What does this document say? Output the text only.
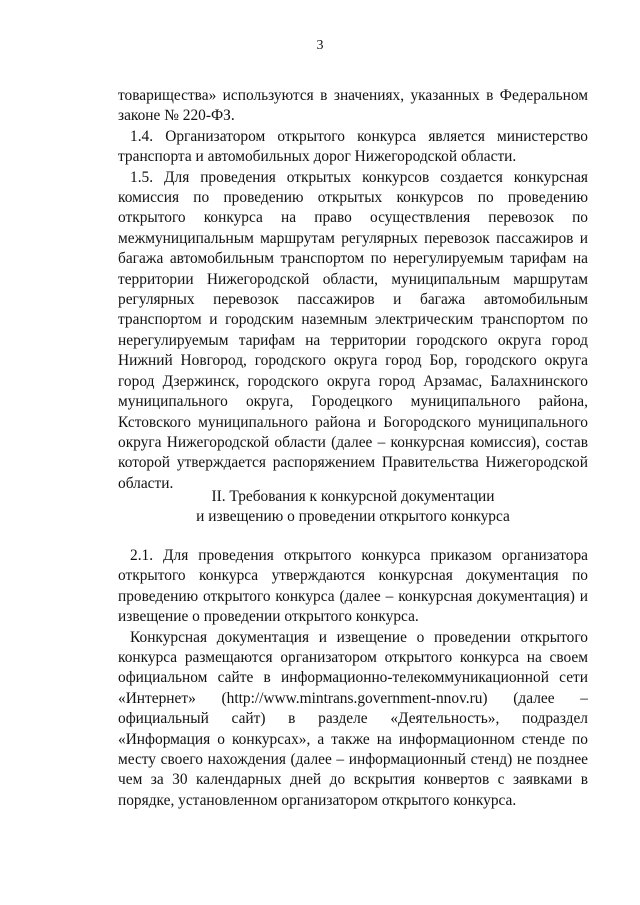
3

товарищества» используются в значениях, указанных в Федеральном законе № 220-ФЗ.

1.4. Организатором открытого конкурса является министерство транспорта и автомобильных дорог Нижегородской области.

1.5. Для проведения открытых конкурсов создается конкурсная комиссия по проведению открытых конкурсов по проведению открытого конкурса на право осуществления перевозок по межмуниципальным маршрутам регулярных перевозок пассажиров и багажа автомобильным транспортом по нерегулируемым тарифам на территории Нижегородской области, муниципальным маршрутам регулярных перевозок пассажиров и багажа автомобильным транспортом и городским наземным электрическим транспортом по нерегулируемым тарифам на территории городского округа город Нижний Новгород, городского округа город Бор, городского округа город Дзержинск, городского округа город Арзамас, Балахнинского муниципального округа, Городецкого муниципального района, Кстовского муниципального района и Богородского муниципального округа Нижегородской области (далее – конкурсная комиссия), состав которой утверждается распоряжением Правительства Нижегородской области.

II. Требования к конкурсной документации
и извещению о проведении открытого конкурса

2.1. Для проведения открытого конкурса приказом организатора открытого конкурса утверждаются конкурсная документация по проведению открытого конкурса (далее – конкурсная документация) и извещение о проведении открытого конкурса.

Конкурсная документация и извещение о проведении открытого конкурса размещаются организатором открытого конкурса на своем официальном сайте в информационно-телекоммуникационной сети «Интернет» (http://www.mintrans.government-nnov.ru) (далее – официальный сайт) в разделе «Деятельность», подраздел «Информация о конкурсах», а также на информационном стенде по месту своего нахождения (далее – информационный стенд) не позднее чем за 30 календарных дней до вскрытия конвертов с заявками в порядке, установленном организатором открытого конкурса.
